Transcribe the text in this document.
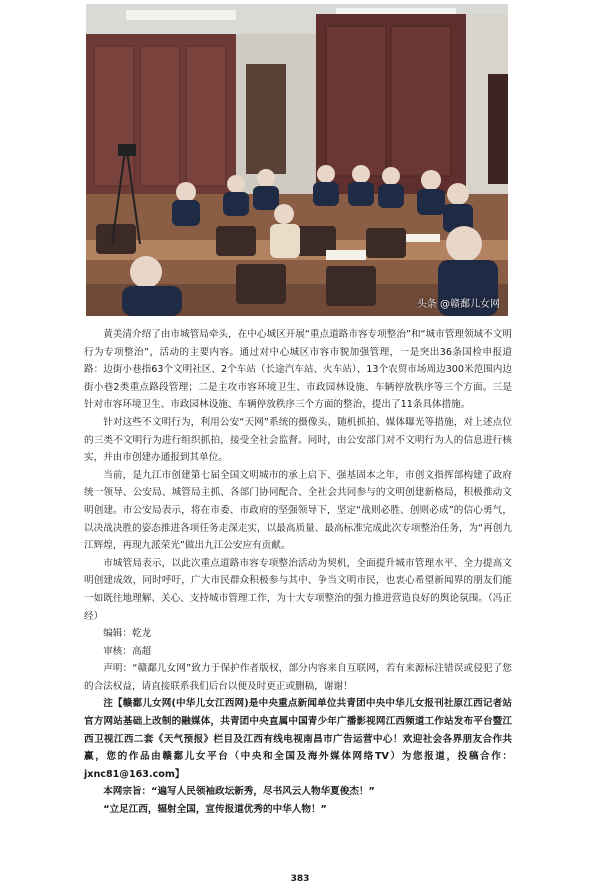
头条 @赣鄱儿女网

黄美清介绍了由市城管局牵头，在中心城区开展“重点道路市容专项整治”和“城市管理领域不文明行为专项整治”，活动的主要内容。通过对中心城区市容市貌加强管理，一是突出36条国检申报道路：边街小巷指63个文明社区、2个车站（长途汽车站、火车站）、13个农贸市场周边300米范围内边街小巷2类重点路段管理；二是主攻市容环境卫生、市政园林设施、车辆停放秩序等三个方面。三是针对市容环境卫生、市政园林设施、车辆停放秩序三个方面的整治，提出了11条具体措施。

针对这些不文明行为，利用公安“天网”系统的摄像头、随机抓拍、媒体曝光等措施，对上述点位的三类不文明行为进行组织抓拍，接受全社会监督。同时，由公安部门对不文明行为人的信息进行核实，并由市创建办通报到其单位。

当前，是九江市创建第七届全国文明城市的承上启下、强基固本之年，市创文指挥部构建了政府统一领导、公安局、城管局主抓、各部门协同配合、全社会共同参与的文明创建新格局，积极推动文明创建。市公安局表示，将在市委、市政府的坚强领导下，坚定“战则必胜、创则必成”的信心勇气，以决战决胜的姿态推进各项任务走深走实，以最高质量、最高标准完成此次专项整治任务，为“再创九江辉煌，再现九派荣光”做出九江公安应有贡献。

市城管局表示，以此次重点道路市容专项整治活动为契机，全面提升城市管理水平、全力提高文明创建成效，同时呼吁，广大市民群众积极参与其中、争当文明市民，也衷心希望新闻界的朋友们能一如既往地理解、关心、支持城市管理工作，为十大专项整治的强力推进营造良好的舆论氛围。（冯正经）

编辑：乾龙

审核：高超

声明：“赣鄱儿女网”致力于保护作者版权，部分内容来自互联网，若有来源标注错误或侵犯了您的合法权益，请直接联系我们后台以便及时更正或删稿，谢谢！

注【赣鄱儿女网(中华儿女江西网)是中央重点新闻单位共青团中央中华儿女报刊社原江西记者站官方网站基础上改制的融媒体，共青团中央直属中国青少年广播影视网江西频道工作站发布平台暨江西卫视江西二套《天气预报》栏目及江西有线电视南昌市广告运营中心！欢迎社会各界朋友合作共赢，您的作品由赣鄱儿女平台（中央和全国及海外媒体网络TV）为您报道，投稿合作：jxnc81@163.com】

本网宗旨：“遍写人民领袖政坛新秀，尽书风云人物华夏俊杰！”

“立足江西，辐射全国，宣传报道优秀的中华人物！”

383
